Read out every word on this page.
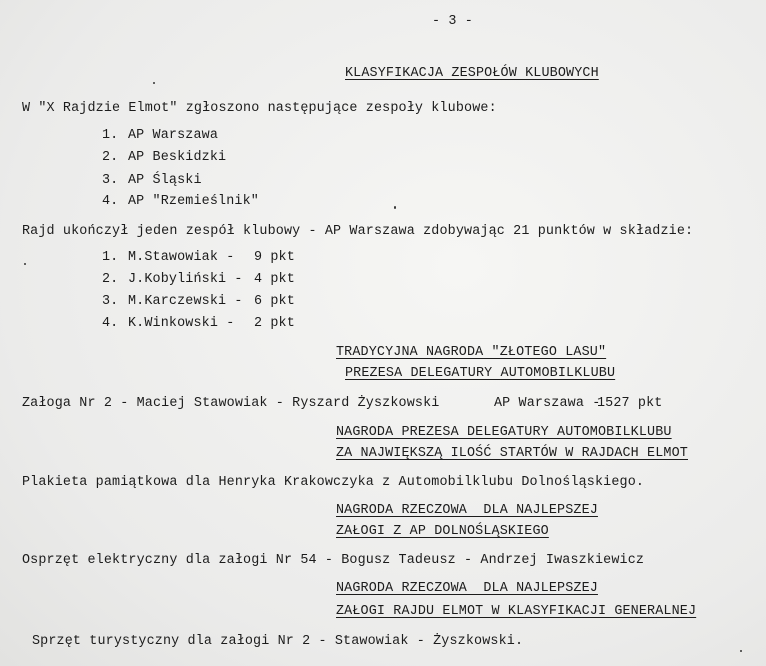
- 3 -
KLASYFIKACJA ZESPOŁÓW KLUBOWYCH
W "X Rajdzie Elmot" zgłoszono następujące zespoły klubowe:
1. AP Warszawa
2. AP Beskidzki
3. AP Śląski
4. AP "Rzemieślnik"
Rajd ukończył jeden zespół klubowy - AP Warszawa zdobywając 21 punktów w składzie:
1. M.Stawowiak - 9 pkt
2. J.Kobyliński - 4 pkt
3. M.Karczewski - 6 pkt
4. K.Winkowski - 2 pkt
TRADYCYJNA NAGRODA "ZŁOTEGO LASU"
PREZESA DELEGATURY AUTOMOBILKLUBU
Załoga Nr 2 - Maciej Stawowiak - Ryszard Żyszkowski	AP Warszawa -
1527 pkt
NAGRODA PREZESA DELEGATURY AUTOMOBILKLUBU
ZA NAJWIĘKSZĄ ILOŚĆ STARTÓW W RAJDACH ELMOT
Plakieta pamiątkowa dla Henryka Krakowczyka z Automobilklubu Dolnośląskiego.
NAGRODA RZECZOWA  DLA NAJLEPSZEJ
ZAŁOGI Z AP DOLNOŚLĄSKIEGO
Osprzęt elektryczny dla załogi Nr 54 - Bogusz Tadeusz - Andrzej Iwaszkiewicz
NAGRODA RZECZOWA  DLA NAJLEPSZEJ
ZAŁOGI RAJDU ELMOT W KLASYFIKACJI GENERALNEJ
Sprzęt turystyczny dla załogi Nr 2 - Stawowiak - Żyszkowski.
